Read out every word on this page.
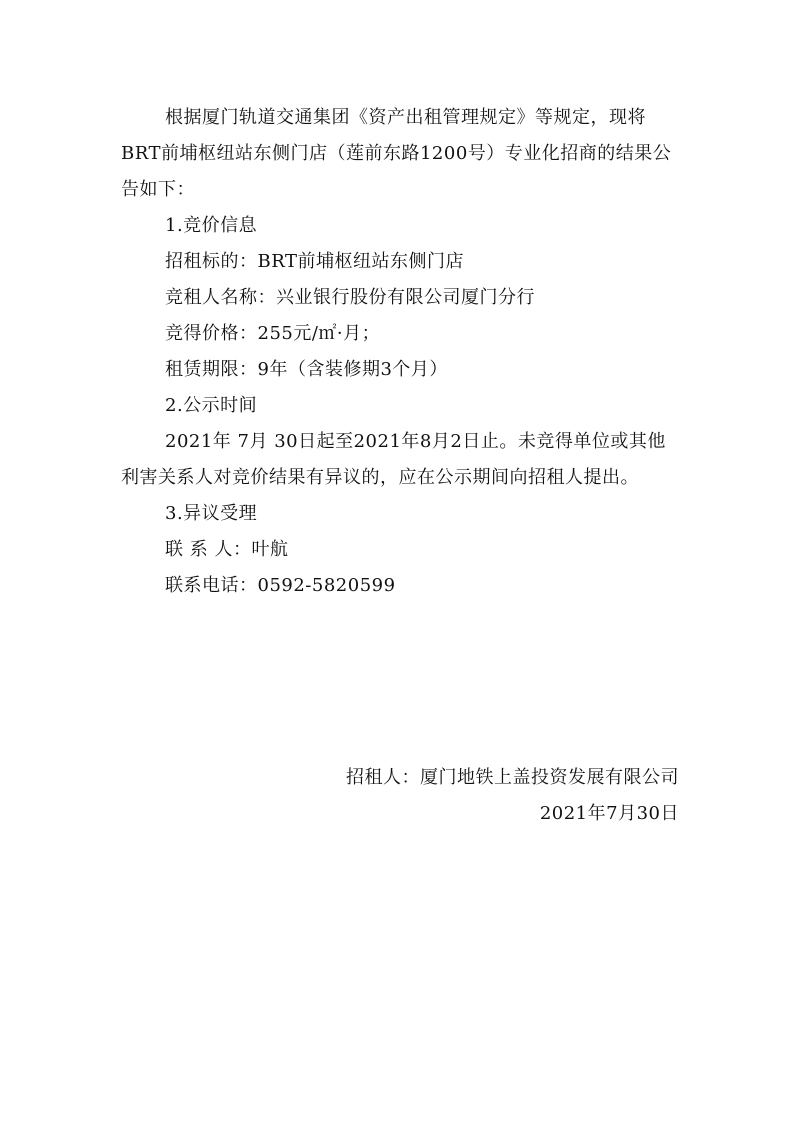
根据厦门轨道交通集团《资产出租管理规定》等规定，现将BRT前埔枢纽站东侧门店（莲前东路1200号）专业化招商的结果公告如下：

1.竞价信息
招租标的：BRT前埔枢纽站东侧门店
竞租人名称：兴业银行股份有限公司厦门分行
竞得价格：255元/㎡·月；
租赁期限：9年（含装修期3个月）
2.公示时间

2021年 7月 30日起至2021年8月2日止。未竞得单位或其他利害关系人对竞价结果有异议的，应在公示期间向招租人提出。

3.异议受理
联 系 人：叶航
联系电话：0592-5820599
招租人：厦门地铁上盖投资发展有限公司
2021年7月30日
